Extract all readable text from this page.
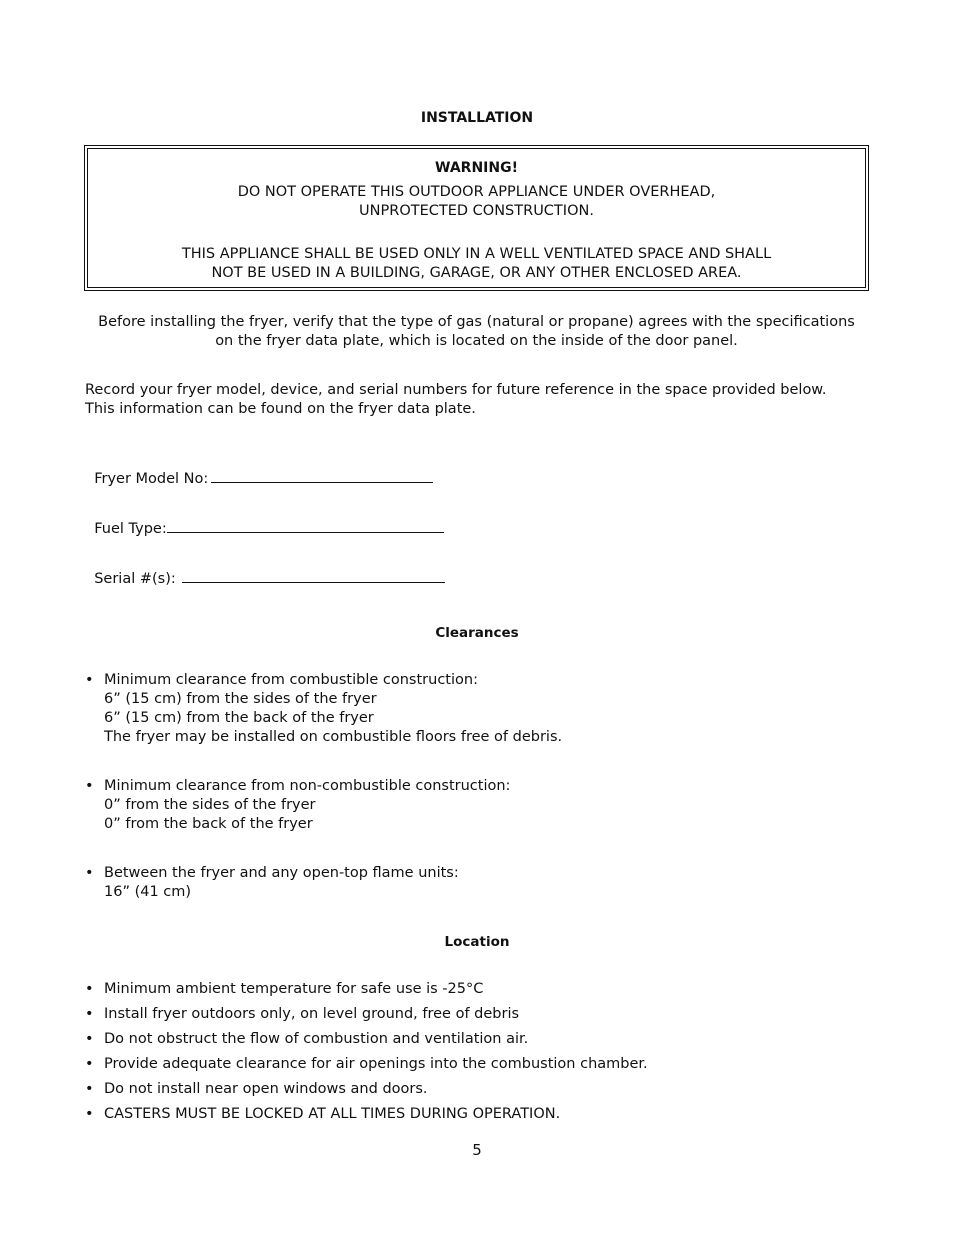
INSTALLATION
WARNING!

DO NOT OPERATE THIS OUTDOOR APPLIANCE UNDER OVERHEAD,
UNPROTECTED CONSTRUCTION.

THIS APPLIANCE SHALL BE USED ONLY IN A WELL VENTILATED SPACE AND SHALL
NOT BE USED IN A BUILDING, GARAGE, OR ANY OTHER ENCLOSED AREA.

Before installing the fryer, verify that the type of gas (natural or propane) agrees with the specifications
on the fryer data plate, which is located on the inside of the door panel.

Record your fryer model, device, and serial numbers for future reference in the space provided below.
This information can be found on the fryer data plate.

Fryer Model No:

Fuel Type:

Serial #(s):

Clearances
• Minimum clearance from combustible construction:
6” (15 cm) from the sides of the fryer
6” (15 cm) from the back of the fryer
The fryer may be installed on combustible floors free of debris.
• Minimum clearance from non-combustible construction:
0” from the sides of the fryer
0” from the back of the fryer
• Between the fryer and any open-top flame units:
16” (41 cm)
Location
• Minimum ambient temperature for safe use is -25°C
• Install fryer outdoors only, on level ground, free of debris
• Do not obstruct the flow of combustion and ventilation air.
• Provide adequate clearance for air openings into the combustion chamber.
• Do not install near open windows and doors.
• CASTERS MUST BE LOCKED AT ALL TIMES DURING OPERATION.
5
